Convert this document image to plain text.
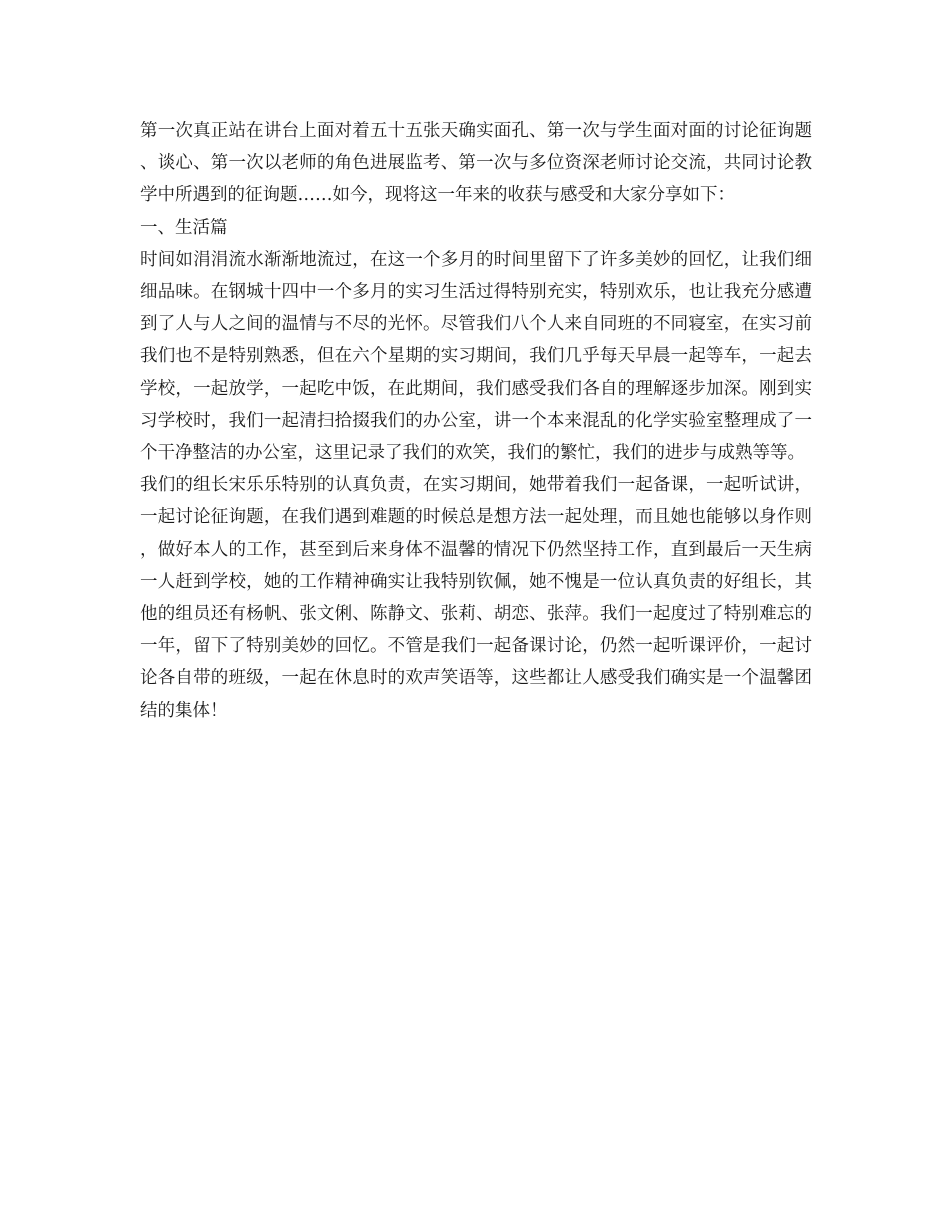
第一次真正站在讲台上面对着五十五张天确实面孔、第一次与学生面对面的讨论征询题、谈心、第一次以老师的角色进展监考、第一次与多位资深老师讨论交流，共同讨论教学中所遇到的征询题……如今，现将这一年来的收获与感受和大家分享如下：

一、生活篇

时间如涓涓流水渐渐地流过，在这一个多月的时间里留下了许多美妙的回忆，让我们细细品味。在钢城十四中一个多月的实习生活过得特别充实，特别欢乐，也让我充分感遭到了人与人之间的温情与不尽的光怀。尽管我们八个人来自同班的不同寝室，在实习前我们也不是特别熟悉，但在六个星期的实习期间，我们几乎每天早晨一起等车，一起去学校，一起放学，一起吃中饭，在此期间，我们感受我们各自的理解逐步加深。刚到实习学校时，我们一起清扫拾掇我们的办公室，讲一个本来混乱的化学实验室整理成了一个干净整洁的办公室，这里记录了我们的欢笑，我们的繁忙，我们的进步与成熟等等。

我们的组长宋乐乐特别的认真负责，在实习期间，她带着我们一起备课，一起听试讲，一起讨论征询题，在我们遇到难题的时候总是想方法一起处理，而且她也能够以身作则，做好本人的工作，甚至到后来身体不温馨的情况下仍然坚持工作，直到最后一天生病一人赶到学校，她的工作精神确实让我特别钦佩，她不愧是一位认真负责的好组长，其他的组员还有杨帆、张文俐、陈静文、张莉、胡恋、张萍。我们一起度过了特别难忘的一年，留下了特别美妙的回忆。不管是我们一起备课讨论，仍然一起听课评价，一起讨论各自带的班级，一起在休息时的欢声笑语等，这些都让人感受我们确实是一个温馨团结的集体！
